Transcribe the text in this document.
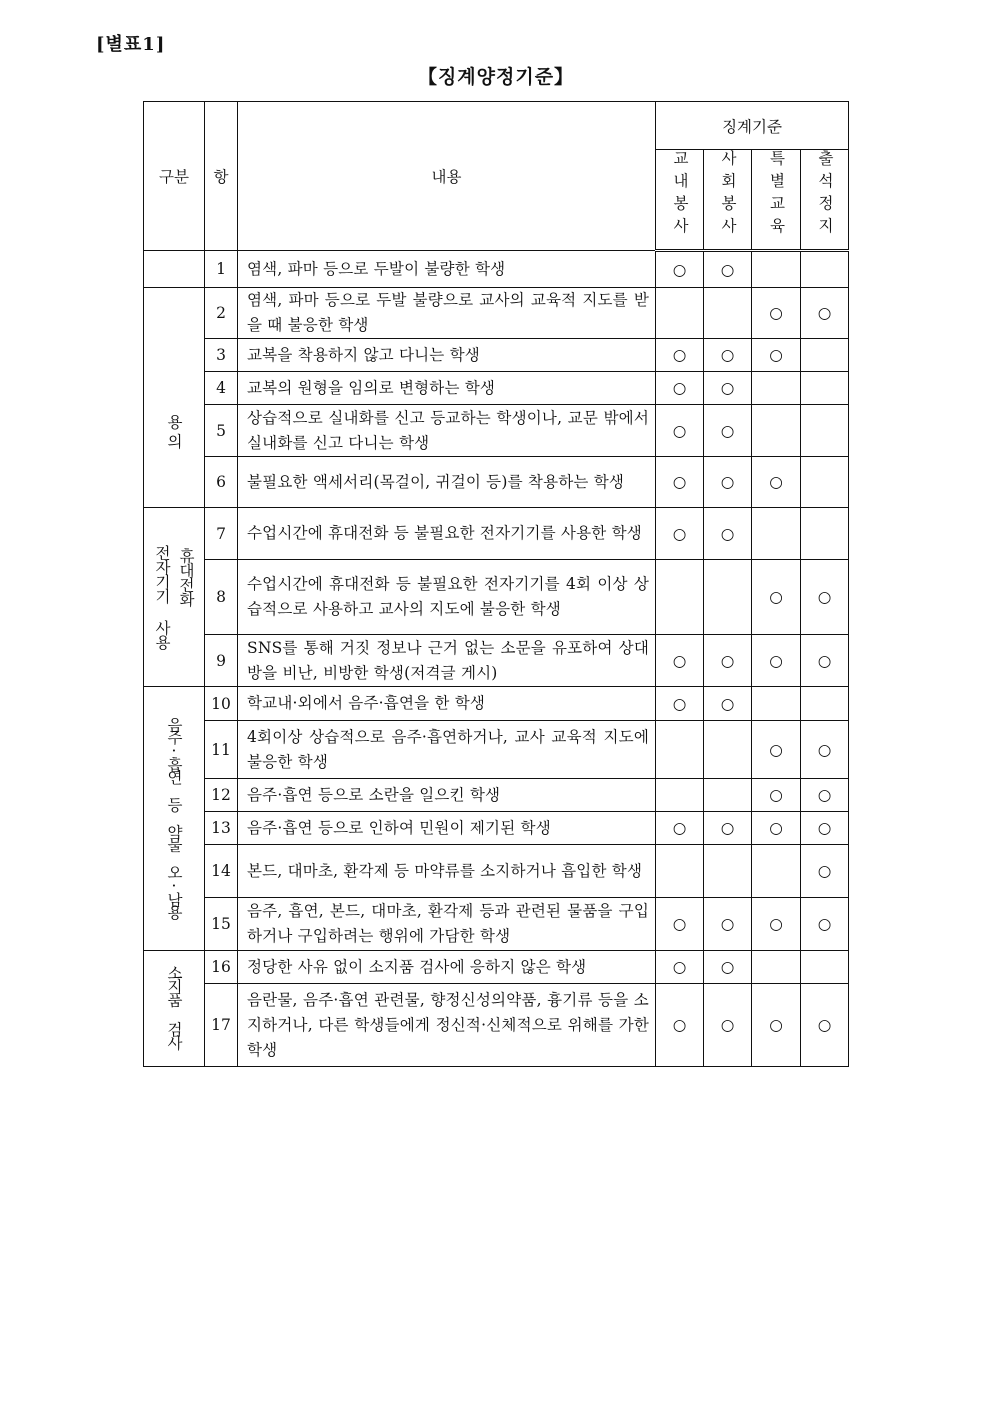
[별표1]
【징계양정기준】
구분	항	내용	징계기준			
			교내봉사	사회봉사	특별교육	출석정지
	1	염색, 파마 등으로 두발이 불량한 학생	○	○		
용의	2	염색, 파마 등으로 두발 불량으로 교사의 교육적 지도를 받을 때 불응한 학생			○	○
	3	교복을 착용하지 않고 다니는 학생	○	○	○	
	4	교복의 원형을 임의로 변형하는 학생	○	○		
	5	상습적으로 실내화를 신고 등교하는 학생이나, 교문 밖에서 실내화를 신고 다니는 학생	○	○		
	6	불필요한 액세서리(목걸이, 귀걸이 등)를 착용하는 학생	○	○	○	
전자기기 사용 휴대전화	7	수업시간에 휴대전화 등 불필요한 전자기기를 사용한 학생	○	○		
	8	수업시간에 휴대전화 등 불필요한 전자기기를 4회 이상 상습적으로 사용하고 교사의 지도에 불응한 학생			○	○
	9	SNS를 통해 거짓 정보나 근거 없는 소문을 유포하여 상대방을 비난, 비방한 학생(저격글 게시)	○	○	○	○
음주·흡연 등 약물 오·남용	10	학교내·외에서 음주·흡연을 한 학생	○	○		
	11	4회이상 상습적으로 음주·흡연하거나, 교사 교육적 지도에 불응한 학생			○	○
	12	음주·흡연 등으로 소란을 일으킨 학생			○	○
	13	음주·흡연 등으로 인하여 민원이 제기된 학생	○	○	○	○
	14	본드, 대마초, 환각제 등 마약류를 소지하거나 흡입한 학생				○
	15	음주, 흡연, 본드, 대마초, 환각제 등과 관련된 물품을 구입하거나 구입하려는 행위에 가담한 학생	○	○	○	○
소지품 검사	16	정당한 사유 없이 소지품 검사에 응하지 않은 학생	○	○		
	17	음란물, 음주·흡연 관련물, 향정신성의약품, 흉기류 등을 소지하거나, 다른 학생들에게 정신적·신체적으로 위해를 가한 학생	○	○	○	○
